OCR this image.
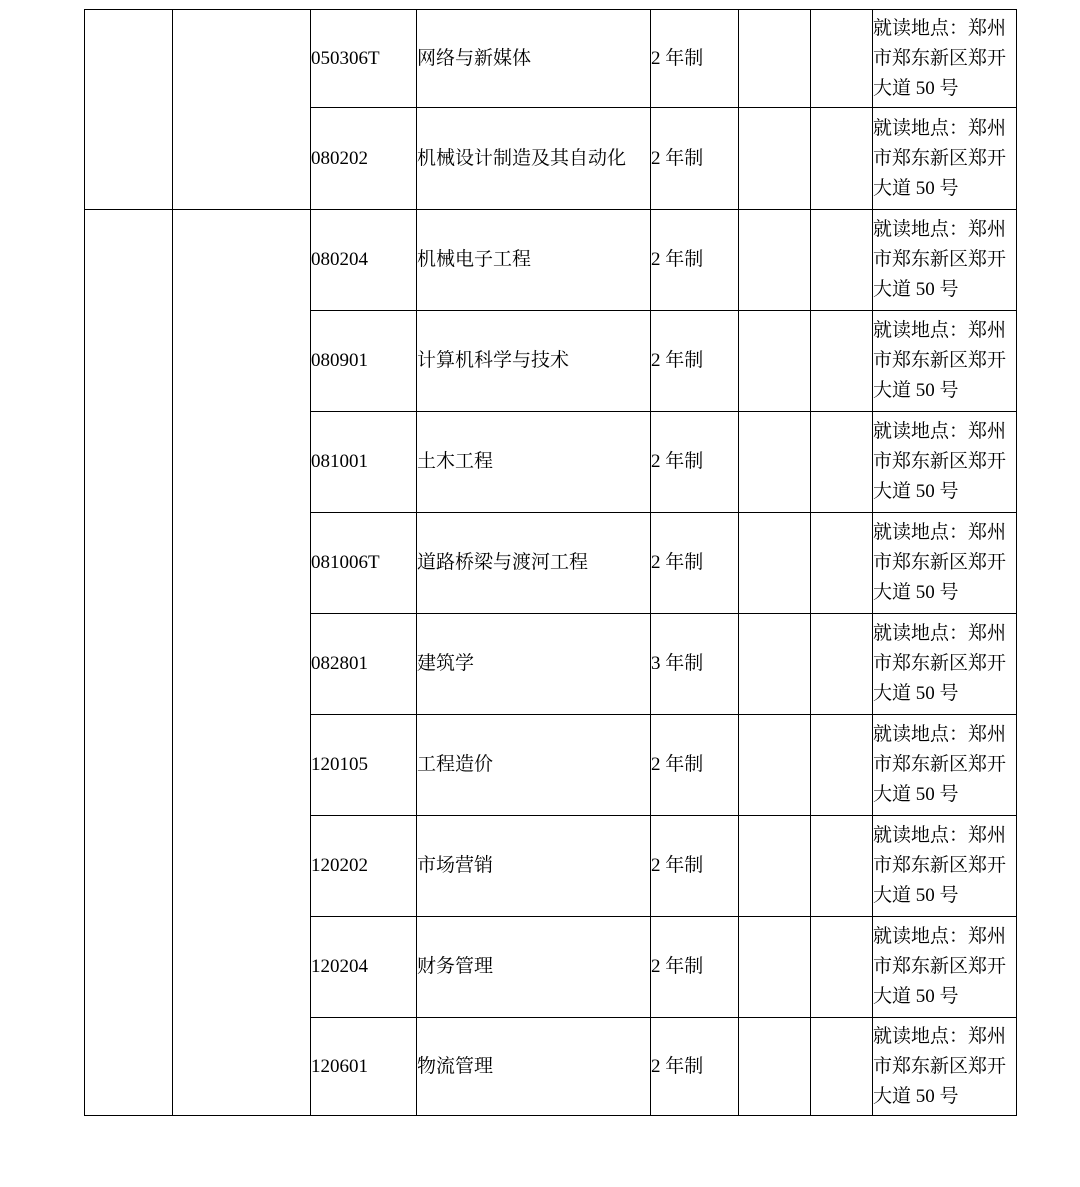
		050306T	网络与新媒体	2 年制			就读地点：郑州市郑东新区郑开大道 50 号
		080202	机械设计制造及其自动化	2 年制			就读地点：郑州市郑东新区郑开大道 50 号
		080204	机械电子工程	2 年制			就读地点：郑州市郑东新区郑开大道 50 号
		080901	计算机科学与技术	2 年制			就读地点：郑州市郑东新区郑开大道 50 号
		081001	土木工程	2 年制			就读地点：郑州市郑东新区郑开大道 50 号
		081006T	道路桥梁与渡河工程	2 年制			就读地点：郑州市郑东新区郑开大道 50 号
		082801	建筑学	3 年制			就读地点：郑州市郑东新区郑开大道 50 号
		120105	工程造价	2 年制			就读地点：郑州市郑东新区郑开大道 50 号
		120202	市场营销	2 年制			就读地点：郑州市郑东新区郑开大道 50 号
		120204	财务管理	2 年制			就读地点：郑州市郑东新区郑开大道 50 号
		120601	物流管理	2 年制			就读地点：郑州市郑东新区郑开大道 50 号
